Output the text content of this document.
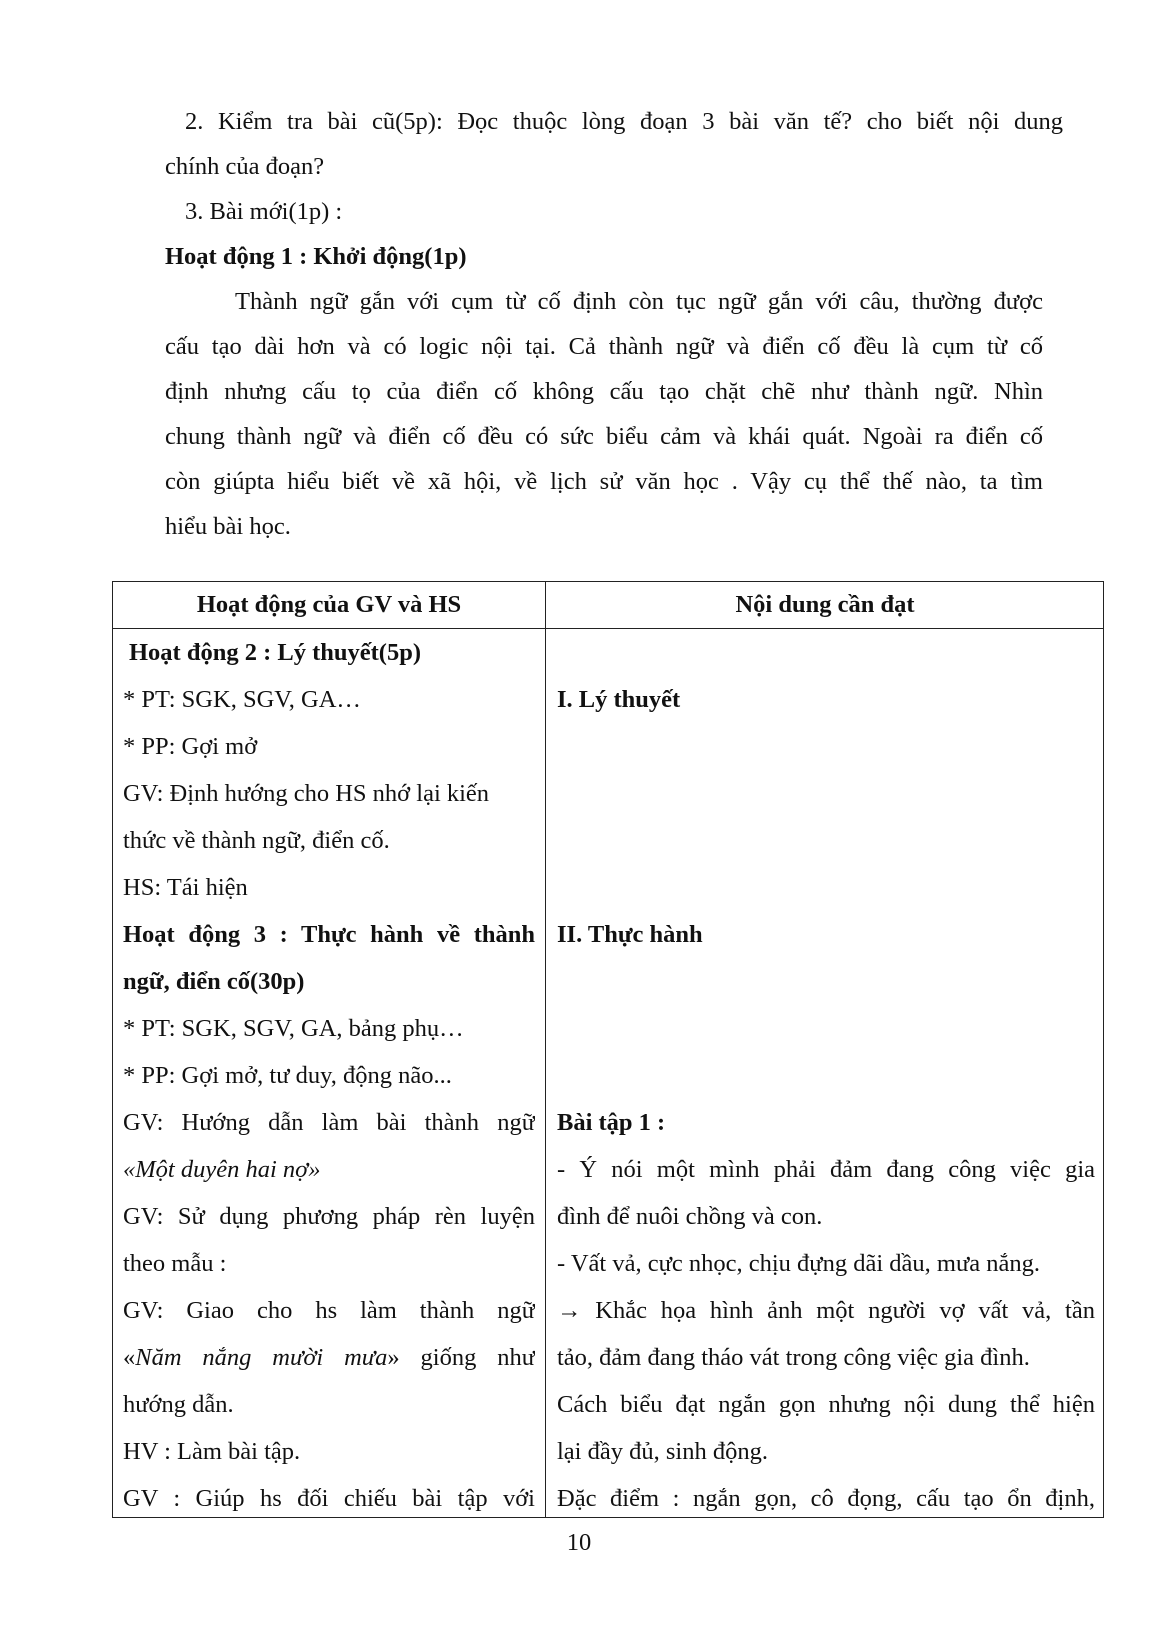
2. Kiểm tra bài cũ(5p): Đọc thuộc lòng đoạn 3 bài văn tế? cho biết nội dung
chính của đoạn?
3. Bài mới(1p) :
Hoạt động 1 : Khởi động(1p)
Thành ngữ gắn với cụm từ cố định còn tục ngữ gắn với câu, thường được
cấu tạo dài hơn và có logic nội tại. Cả thành ngữ và điển cố đều là cụm từ cố
định nhưng cấu tọ của điển cố không cấu tạo chặt chẽ như thành ngữ. Nhìn
chung thành ngữ và điển cố đều có sức biểu cảm và khái quát. Ngoài ra điển cố
còn giúpta hiểu biết về xã hội, về lịch sử văn học . Vậy cụ thể thế nào, ta tìm
hiểu bài học.
Hoạt động của GV và HS	Nội dung cần đạt
Hoạt động 2 : Lý thuyết(5p)
* PT: SGK, SGV, GA…
* PP: Gợi mở
GV: Định hướng cho HS nhớ lại kiến
thức về thành ngữ, điển cố.
HS: Tái hiện
Hoạt động 3 : Thực hành về thành
ngữ, điển cố(30p)
* PT: SGK, SGV, GA, bảng phụ…
* PP: Gợi mở, tư duy, động não...
GV: Hướng dẫn làm bài thành ngữ
«Một duyên hai nợ»
GV: Sử dụng phương pháp rèn luyện
theo mẫu :
GV: Giao cho hs làm thành ngữ
«Năm nắng mười mưa» giống như
hướng dẫn.
HV : Làm bài tập.
GV : Giúp hs đối chiếu bài tập với
I. Lý thuyết
II. Thực hành
Bài tập 1 :
- Ý nói một mình phải đảm đang công việc gia
đình để nuôi chồng và con.
- Vất vả, cực nhọc, chịu đựng dãi dầu, mưa nắng.
→ Khắc họa hình ảnh một người vợ vất vả, tần
tảo, đảm đang tháo vát trong công việc gia đình.
Cách biểu đạt ngắn gọn nhưng nội dung thể hiện
lại đầy đủ, sinh động.
Đặc điểm : ngắn gọn, cô đọng, cấu tạo ổn định,
10
